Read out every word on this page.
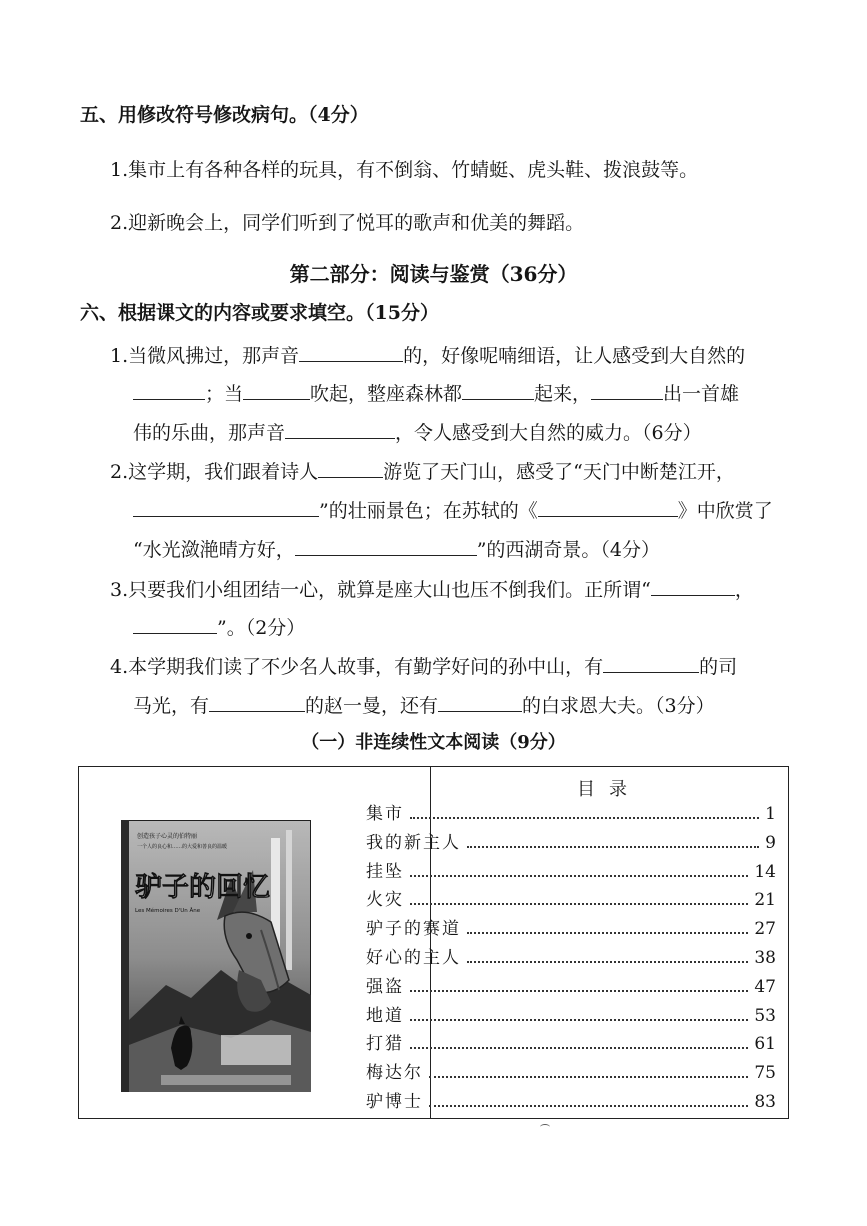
五、用修改符号修改病句。（4分）
1.集市上有各种各样的玩具，有不倒翁、竹蜻蜓、虎头鞋、拨浪鼓等。
2.迎新晚会上，同学们听到了悦耳的歌声和优美的舞蹈。
第二部分：阅读与鉴赏（36分）
六、根据课文的内容或要求填空。（15分）
1.当微风拂过，那声音	的，好像呢喃细语，让人感受到大自然的
；当	吹起，整座森林都	起来，	出一首雄
伟的乐曲，那声音	，令人感受到大自然的威力。（6分）
2.这学期，我们跟着诗人	游览了天门山，感受了“天门中断楚江开，
”的壮丽景色；在苏轼的《	》中欣赏了
“水光潋滟晴方好，	”的西湖奇景。（4分）
3.只要我们小组团结一心，就算是座大山也压不倒我们。正所谓“	，
”。（2分）
4.本学期我们读了不少名人故事，有勤学好问的孙中山，有	的司
马光，有	的赵一曼，还有	的白求恩大夫。（3分）
（一）非连续性文本阅读（9分）
目录
集市	1
我的新主人	9
挂坠	14
火灾	21
驴子的赛道	27
好心的主人	38
强盗	47
地道	53
打猎	61
梅达尔	75
驴博士	83
驴子的回忆
Les Mémoires D'Un Âne
创造孩子心灵的伯特丽
一个人的良心和……的大爱和善良的温暖
